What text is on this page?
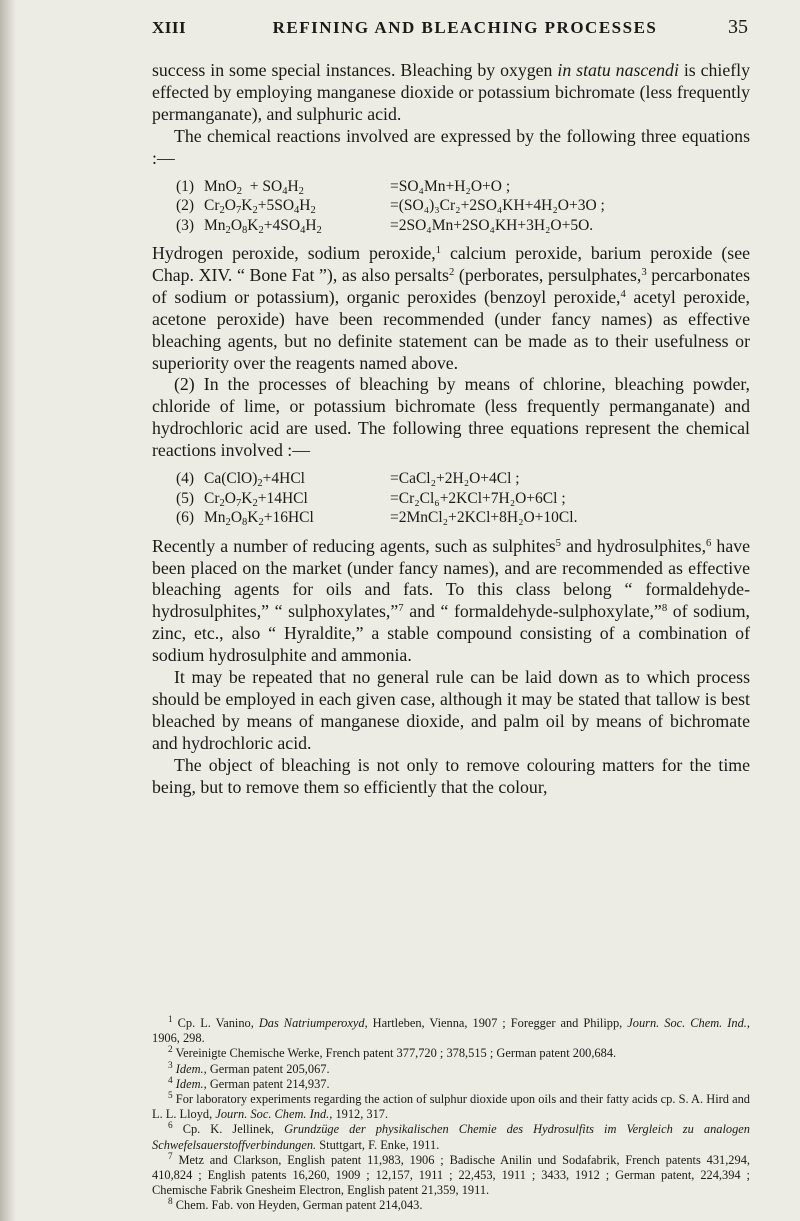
XIII	REFINING AND BLEACHING PROCESSES	35

success in some special instances. Bleaching by oxygen in statu nascendi is chiefly effected by employing manganese dioxide or potassium bichromate (less frequently permanganate), and sulphuric acid.

The chemical reactions involved are expressed by the following three equations :—

(1) $MnO_2 + SO_4H_2$	=SO₄Mn+H₂O+O ;
(2) $Cr_2O_7K_2+5SO_4H_2$	=(SO₄)₃Cr₂+2SO₄KH+4H₂O+3O ;
(3) $Mn_2O_8K_2+4SO_4H_2$	=2SO₄Mn+2SO₄KH+3H₂O+5O.

Hydrogen peroxide, sodium peroxide,$^1$ calcium peroxide, barium peroxide (see Chap. XIV. “ Bone Fat ”), as also persalts$^2$ (perborates, persulphates,$^3$ percarbonates of sodium or potassium), organic peroxides (benzoyl peroxide,$^4$ acetyl peroxide, acetone peroxide) have been recommended (under fancy names) as effective bleaching agents, but no definite statement can be made as to their usefulness or superiority over the reagents named above.

(2) In the processes of bleaching by means of chlorine, bleaching powder, chloride of lime, or potassium bichromate (less frequently permanganate) and hydrochloric acid are used. The following three equations represent the chemical reactions involved :—

(4) $Ca(ClO)_2+4HCl$	=CaCl₂+2H₂O+4Cl ;
(5) $Cr_2O_7K_2+14HCl$	=Cr₂Cl₆+2KCl+7H₂O+6Cl ;
(6) $Mn_2O_8K_2+16HCl$	=2MnCl₂+2KCl+8H₂O+10Cl.

Recently a number of reducing agents, such as sulphites$^5$ and hydrosulphites,$^6$ have been placed on the market (under fancy names), and are recommended as effective bleaching agents for oils and fats. To this class belong “ formaldehyde-hydrosulphites,” “ sulphoxylates,”$^7$ and “ formaldehyde-sulphoxylate,”$^8$ of sodium, zinc, etc., also “ Hyraldite,” a stable compound consisting of a combination of sodium hydrosulphite and ammonia.

It may be repeated that no general rule can be laid down as to which process should be employed in each given case, although it may be stated that tallow is best bleached by means of manganese dioxide, and palm oil by means of bichromate and hydrochloric acid.

The object of bleaching is not only to remove colouring matters for the time being, but to remove them so efficiently that the colour,

$^1$ Cp. L. Vanino, Das Natriumperoxyd, Hartleben, Vienna, 1907 ; Foregger and Philipp, Journ. Soc. Chem. Ind., 1906, 298.
$^2$ Vereinigte Chemische Werke, French patent 377,720 ; 378,515 ; German patent 200,684.
$^3$ Idem., German patent 205,067.
$^4$ Idem., German patent 214,937.
$^5$ For laboratory experiments regarding the action of sulphur dioxide upon oils and their fatty acids cp. S. A. Hird and L. L. Lloyd, Journ. Soc. Chem. Ind., 1912, 317.
$^6$ Cp. K. Jellinek, Grundzüge der physikalischen Chemie des Hydrosulfits im Vergleich zu analogen Schwefelsauerstoffverbindungen. Stuttgart, F. Enke, 1911.
$^7$ Metz and Clarkson, English patent 11,983, 1906 ; Badische Anilin und Sodafabrik, French patents 431,294, 410,824 ; English patents 16,260, 1909 ; 12,157, 1911 ; 22,453, 1911 ; 3433, 1912 ; German patent, 224,394 ; Chemische Fabrik Gnesheim Electron, English patent 21,359, 1911.
$^8$ Chem. Fab. von Heyden, German patent 214,043.
